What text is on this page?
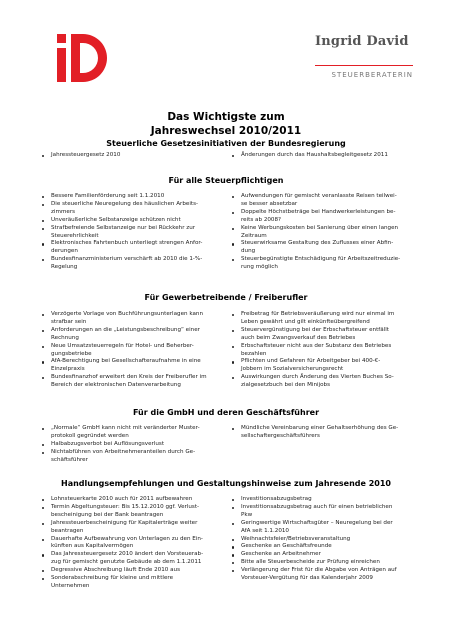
Ingrid David
STEUERBERATERIN
Das Wichtigste zum
Jahreswechsel 2010/2011
Steuerliche Gesetzesinitiativen der Bundesregierung
Jahressteuergesetz 2010	Änderungen durch das Haushaltsbegleitgesetz 2011
Für alle Steuerpflichtigen
Bessere Familienförderung seit 1.1.2010
Die steuerliche Neuregelung des häuslichen Arbeits-
zimmers
Unveräußerliche Selbstanzeige schützen nicht
Strafbefreiende Selbstanzeige nur bei Rückkehr zur
Steuerehrlichkeit
Elektronisches Fahrtenbuch unterliegt strengen Anfor-
derungen
Bundesfinanzministerium verschärft ab 2010 die 1-%-
Regelung
Aufwendungen für gemischt veranlasste Reisen teilwei-
se besser absetzbar
Doppelte Höchstbeträge bei Handwerkerleistungen be-
reits ab 2008?
Keine Werbungskosten bei Sanierung über einen langen
Zeitraum
Steuerwirksame Gestaltung des Zuflusses einer Abfin-
dung
Steuerbegünstigte Entschädigung für Arbeitszeitreduzie-
rung möglich
Für Gewerbetreibende / Freiberufler
Verzögerte Vorlage von Buchführungsunterlagen kann
strafbar sein
Anforderungen an die „Leistungsbeschreibung“ einer
Rechnung
Neue Umsatzsteuerregeln für Hotel- und Beherber-
gungsbetriebe
AfA-Berechtigung bei Gesellschafteraufnahme in eine
Einzelpraxis
Bundesfinanzhof erweitert den Kreis der Freiberufler im
Bereich der elektronischen Datenverarbeitung
Freibetrag für Betriebsveräußerung wird nur einmal im
Leben gewährt und gilt einkünfteübergreifend
Steuervergünstigung bei der Erbschaftsteuer entfällt
auch beim Zwangsverkauf des Betriebes
Erbschaftsteuer nicht aus der Substanz des Betriebes
bezahlen
Pflichten und Gefahren für Arbeitgeber bei 400-€-
Jobbern im Sozialversicherungsrecht
Auswirkungen durch Änderung des Vierten Buches So-
zialgesetzbuch bei den Minijobs
Für die GmbH und deren Geschäftsführer
„Normale“ GmbH kann nicht mit veränderter Muster-
protokoll gegründet werden
Halbabzugsverbot bei Auflösungsverlust
Nichtabführen von Arbeitnehmeranteilen durch Ge-
schäftsführer
Mündliche Vereinbarung einer Gehaltserhöhung des Ge-
sellschaftergeschäftsführers
Handlungsempfehlungen und Gestaltungshinweise zum Jahresende 2010
Lohnsteuerkarte 2010 auch für 2011 aufbewahren
Termin Abgeltungsteuer: Bis 15.12.2010 ggf. Verlust-
bescheinigung bei der Bank beantragen
Jahressteuerbescheinigung für Kapitalerträge weiter
beantragen
Dauerhafte Aufbewahrung von Unterlagen zu den Ein-
künften aus Kapitalvermögen
Das Jahressteuergesetz 2010 ändert den Vorsteuerab-
zug für gemischt genutzte Gebäude ab dem 1.1.2011
Degressive Abschreibung läuft Ende 2010 aus
Sonderabschreibung für kleine und mittlere
Unternehmen
Investitionsabzugsbetrag
Investitionsabzugsbetrag auch für einen betrieblichen
Pkw
Geringwertige Wirtschaftsgüter – Neuregelung bei der
AfA seit 1.1.2010
Weihnachtsfeier/Betriebsveranstaltung
Geschenke an Geschäftsfreunde
Geschenke an Arbeitnehmer
Bitte alle Steuerbescheide zur Prüfung einreichen
Verlängerung der Frist für die Abgabe von Anträgen auf
Vorsteuer-Vergütung für das Kalenderjahr 2009
